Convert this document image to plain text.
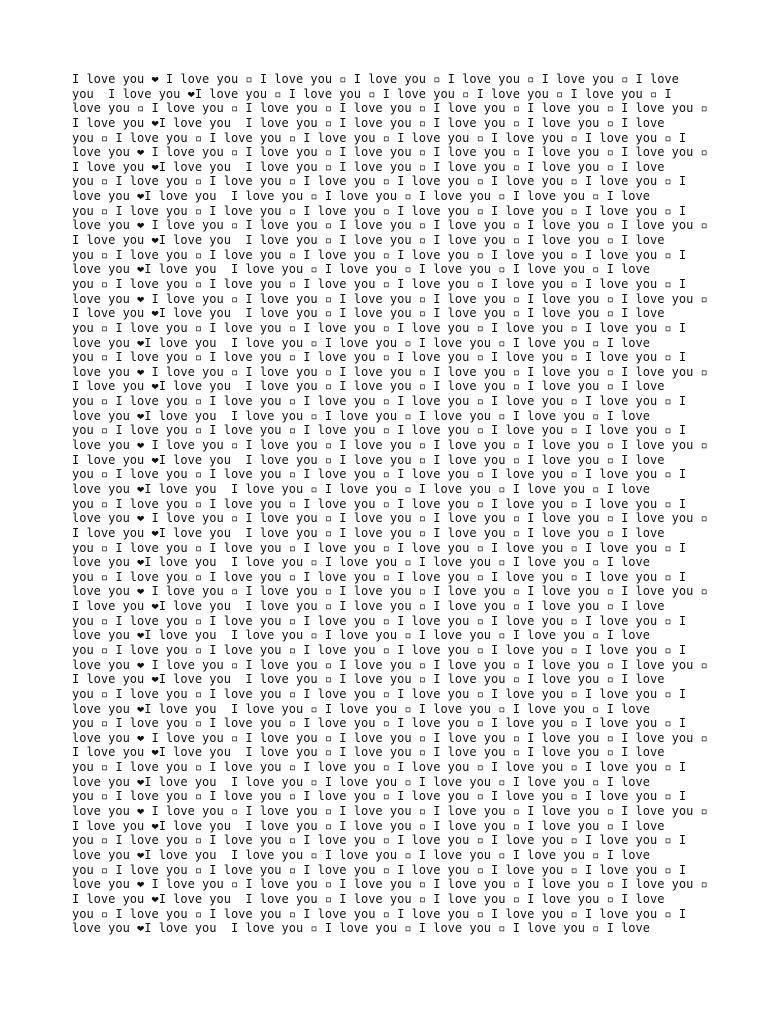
I love you ❤ I love you ▫ I love you ▫ I love you ▫ I love you ▫ I love you ▫ I love
you  I love you ❤I love you ▫ I love you ▫ I love you ▫ I love you ▫ I love you ▫ I
love you ▫ I love you ▫ I love you ▫ I love you ▫ I love you ▫ I love you ▫ I love you ▫
I love you ❤I love you  I love you ▫ I love you ▫ I love you ▫ I love you ▫ I love
you ▫ I love you ▫ I love you ▫ I love you ▫ I love you ▫ I love you ▫ I love you ▫ I
love you ❤ I love you ▫ I love you ▫ I love you ▫ I love you ▫ I love you ▫ I love you ▫
I love you ❤I love you  I love you ▫ I love you ▫ I love you ▫ I love you ▫ I love
you ▫ I love you ▫ I love you ▫ I love you ▫ I love you ▫ I love you ▫ I love you ▫ I
love you ❤I love you  I love you ▫ I love you ▫ I love you ▫ I love you ▫ I love
you ▫ I love you ▫ I love you ▫ I love you ▫ I love you ▫ I love you ▫ I love you ▫ I
love you ❤ I love you ▫ I love you ▫ I love you ▫ I love you ▫ I love you ▫ I love you ▫
I love you ❤I love you  I love you ▫ I love you ▫ I love you ▫ I love you ▫ I love
you ▫ I love you ▫ I love you ▫ I love you ▫ I love you ▫ I love you ▫ I love you ▫ I
love you ❤I love you  I love you ▫ I love you ▫ I love you ▫ I love you ▫ I love
you ▫ I love you ▫ I love you ▫ I love you ▫ I love you ▫ I love you ▫ I love you ▫ I
love you ❤ I love you ▫ I love you ▫ I love you ▫ I love you ▫ I love you ▫ I love you ▫
I love you ❤I love you  I love you ▫ I love you ▫ I love you ▫ I love you ▫ I love
you ▫ I love you ▫ I love you ▫ I love you ▫ I love you ▫ I love you ▫ I love you ▫ I
love you ❤I love you  I love you ▫ I love you ▫ I love you ▫ I love you ▫ I love
you ▫ I love you ▫ I love you ▫ I love you ▫ I love you ▫ I love you ▫ I love you ▫ I
love you ❤ I love you ▫ I love you ▫ I love you ▫ I love you ▫ I love you ▫ I love you ▫
I love you ❤I love you  I love you ▫ I love you ▫ I love you ▫ I love you ▫ I love
you ▫ I love you ▫ I love you ▫ I love you ▫ I love you ▫ I love you ▫ I love you ▫ I
love you ❤I love you  I love you ▫ I love you ▫ I love you ▫ I love you ▫ I love
you ▫ I love you ▫ I love you ▫ I love you ▫ I love you ▫ I love you ▫ I love you ▫ I
love you ❤ I love you ▫ I love you ▫ I love you ▫ I love you ▫ I love you ▫ I love you ▫
I love you ❤I love you  I love you ▫ I love you ▫ I love you ▫ I love you ▫ I love
you ▫ I love you ▫ I love you ▫ I love you ▫ I love you ▫ I love you ▫ I love you ▫ I
love you ❤I love you  I love you ▫ I love you ▫ I love you ▫ I love you ▫ I love
you ▫ I love you ▫ I love you ▫ I love you ▫ I love you ▫ I love you ▫ I love you ▫ I
love you ❤ I love you ▫ I love you ▫ I love you ▫ I love you ▫ I love you ▫ I love you ▫
I love you ❤I love you  I love you ▫ I love you ▫ I love you ▫ I love you ▫ I love
you ▫ I love you ▫ I love you ▫ I love you ▫ I love you ▫ I love you ▫ I love you ▫ I
love you ❤I love you  I love you ▫ I love you ▫ I love you ▫ I love you ▫ I love
you ▫ I love you ▫ I love you ▫ I love you ▫ I love you ▫ I love you ▫ I love you ▫ I
love you ❤ I love you ▫ I love you ▫ I love you ▫ I love you ▫ I love you ▫ I love you ▫
I love you ❤I love you  I love you ▫ I love you ▫ I love you ▫ I love you ▫ I love
you ▫ I love you ▫ I love you ▫ I love you ▫ I love you ▫ I love you ▫ I love you ▫ I
love you ❤I love you  I love you ▫ I love you ▫ I love you ▫ I love you ▫ I love
you ▫ I love you ▫ I love you ▫ I love you ▫ I love you ▫ I love you ▫ I love you ▫ I
love you ❤ I love you ▫ I love you ▫ I love you ▫ I love you ▫ I love you ▫ I love you ▫
I love you ❤I love you  I love you ▫ I love you ▫ I love you ▫ I love you ▫ I love
you ▫ I love you ▫ I love you ▫ I love you ▫ I love you ▫ I love you ▫ I love you ▫ I
love you ❤I love you  I love you ▫ I love you ▫ I love you ▫ I love you ▫ I love
you ▫ I love you ▫ I love you ▫ I love you ▫ I love you ▫ I love you ▫ I love you ▫ I
love you ❤ I love you ▫ I love you ▫ I love you ▫ I love you ▫ I love you ▫ I love you ▫
I love you ❤I love you  I love you ▫ I love you ▫ I love you ▫ I love you ▫ I love
you ▫ I love you ▫ I love you ▫ I love you ▫ I love you ▫ I love you ▫ I love you ▫ I
love you ❤I love you  I love you ▫ I love you ▫ I love you ▫ I love you ▫ I love
you ▫ I love you ▫ I love you ▫ I love you ▫ I love you ▫ I love you ▫ I love you ▫ I
love you ❤ I love you ▫ I love you ▫ I love you ▫ I love you ▫ I love you ▫ I love you ▫
I love you ❤I love you  I love you ▫ I love you ▫ I love you ▫ I love you ▫ I love
you ▫ I love you ▫ I love you ▫ I love you ▫ I love you ▫ I love you ▫ I love you ▫ I
love you ❤I love you  I love you ▫ I love you ▫ I love you ▫ I love you ▫ I love
you ▫ I love you ▫ I love you ▫ I love you ▫ I love you ▫ I love you ▫ I love you ▫ I
love you ❤ I love you ▫ I love you ▫ I love you ▫ I love you ▫ I love you ▫ I love you ▫
I love you ❤I love you  I love you ▫ I love you ▫ I love you ▫ I love you ▫ I love
you ▫ I love you ▫ I love you ▫ I love you ▫ I love you ▫ I love you ▫ I love you ▫ I
love you ❤I love you  I love you ▫ I love you ▫ I love you ▫ I love you ▫ I love
